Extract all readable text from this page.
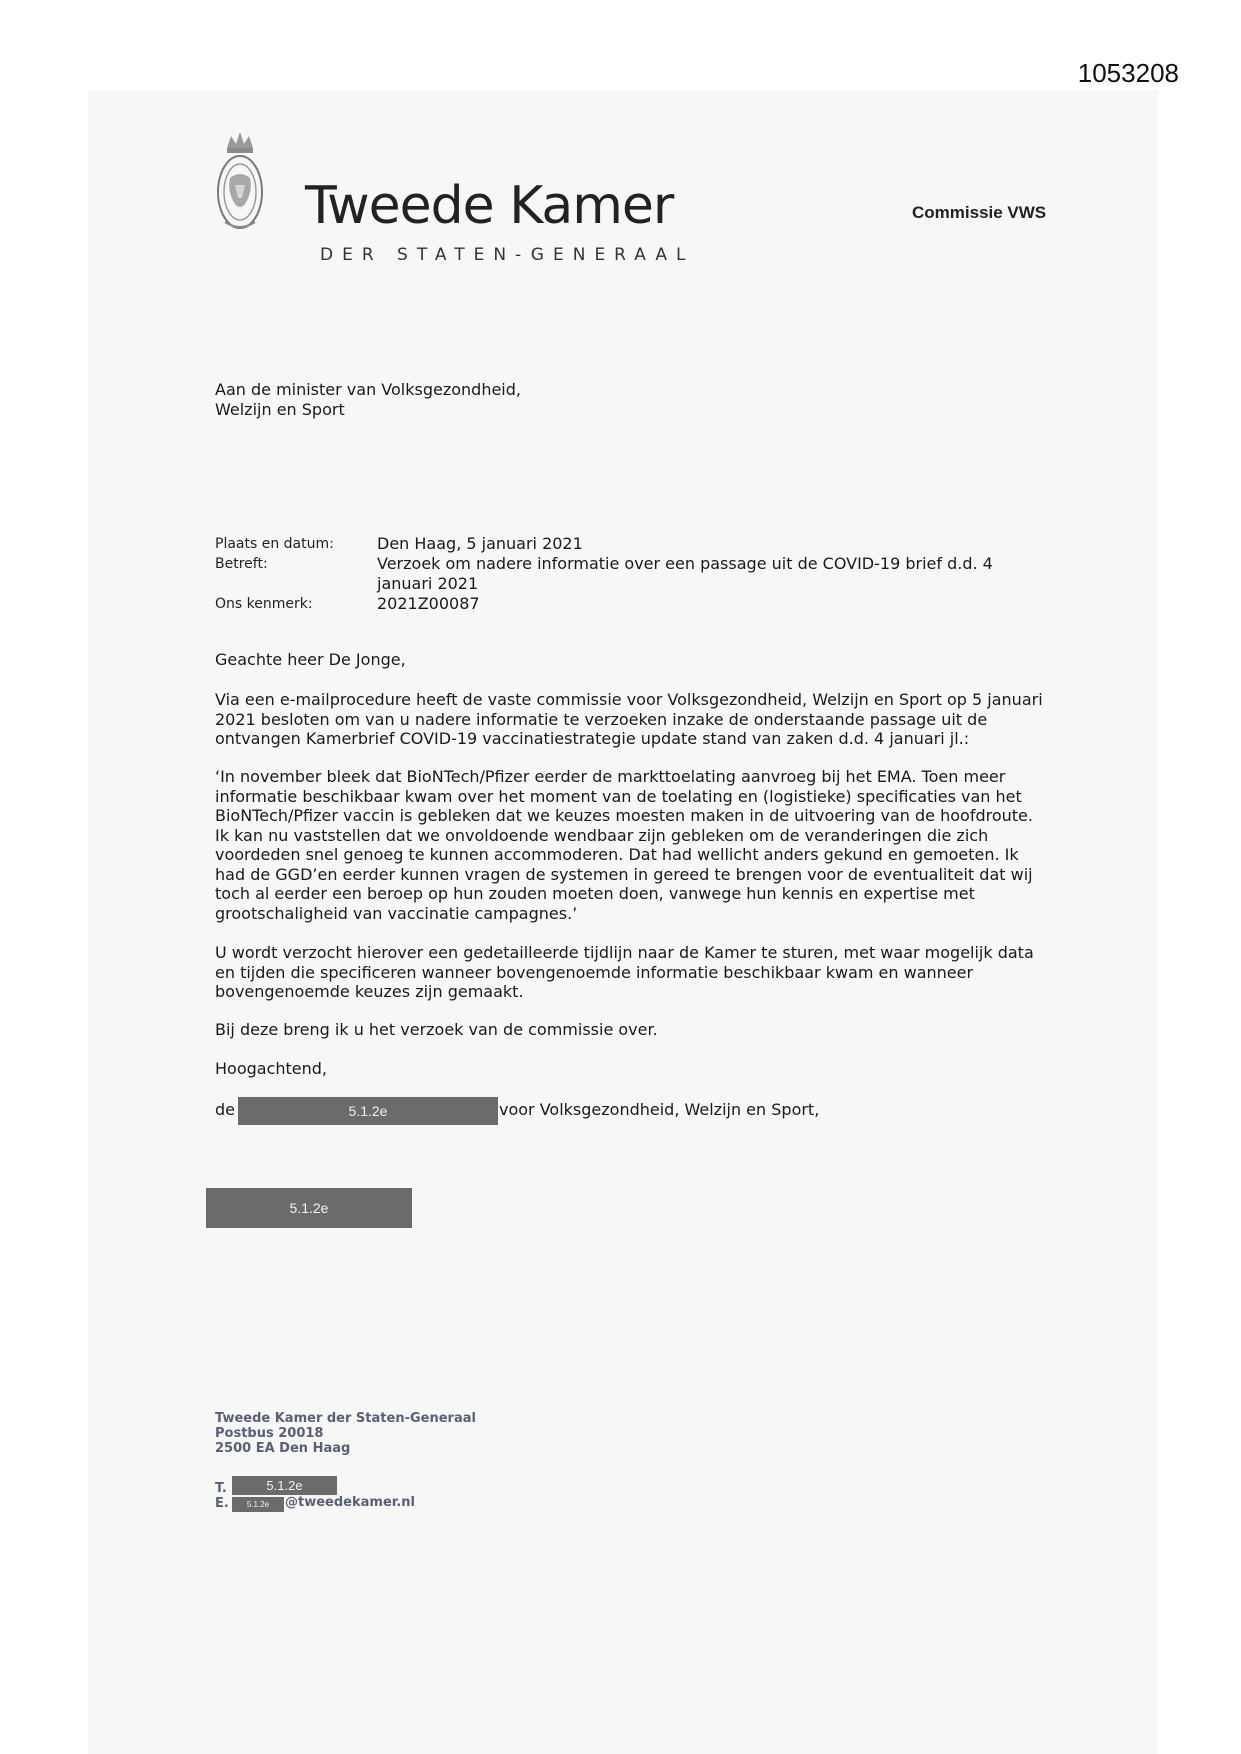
1053208
Tweede Kamer
DER STATEN-GENERAAL
Commissie VWS
Aan de minister van Volksgezondheid,
Welzijn en Sport
Plaats en datum:	Den Haag, 5 januari 2021
Betreft:	Verzoek om nadere informatie over een passage uit de COVID-19 brief d.d. 4 januari 2021
Ons kenmerk:	2021Z00087
Geachte heer De Jonge,
Via een e-mailprocedure heeft de vaste commissie voor Volksgezondheid, Welzijn en Sport op 5 januari
2021 besloten om van u nadere informatie te verzoeken inzake de onderstaande passage uit de
ontvangen Kamerbrief COVID-19 vaccinatiestrategie update stand van zaken d.d. 4 januari jl.:
‘In november bleek dat BioNTech/Pfizer eerder de markttoelating aanvroeg bij het EMA. Toen meer
informatie beschikbaar kwam over het moment van de toelating en (logistieke) specificaties van het
BioNTech/Pfizer vaccin is gebleken dat we keuzes moesten maken in de uitvoering van de hoofdroute.
Ik kan nu vaststellen dat we onvoldoende wendbaar zijn gebleken om de veranderingen die zich
voordeden snel genoeg te kunnen accommoderen. Dat had wellicht anders gekund en gemoeten. Ik
had de GGD’en eerder kunnen vragen de systemen in gereed te brengen voor de eventualiteit dat wij
toch al eerder een beroep op hun zouden moeten doen, vanwege hun kennis en expertise met
grootschaligheid van vaccinatie campagnes.’
U wordt verzocht hierover een gedetailleerde tijdlijn naar de Kamer te sturen, met waar mogelijk data
en tijden die specificeren wanneer bovengenoemde informatie beschikbaar kwam en wanneer
bovengenoemde keuzes zijn gemaakt.
Bij deze breng ik u het verzoek van de commissie over.
Hoogachtend,
de	5.1.2e	voor Volksgezondheid, Welzijn en Sport,
5.1.2e
Tweede Kamer der Staten-Generaal
Postbus 20018
2500 EA Den Haag
T.	5.1.2e
E.	5.1.2e	@tweedekamer.nl
